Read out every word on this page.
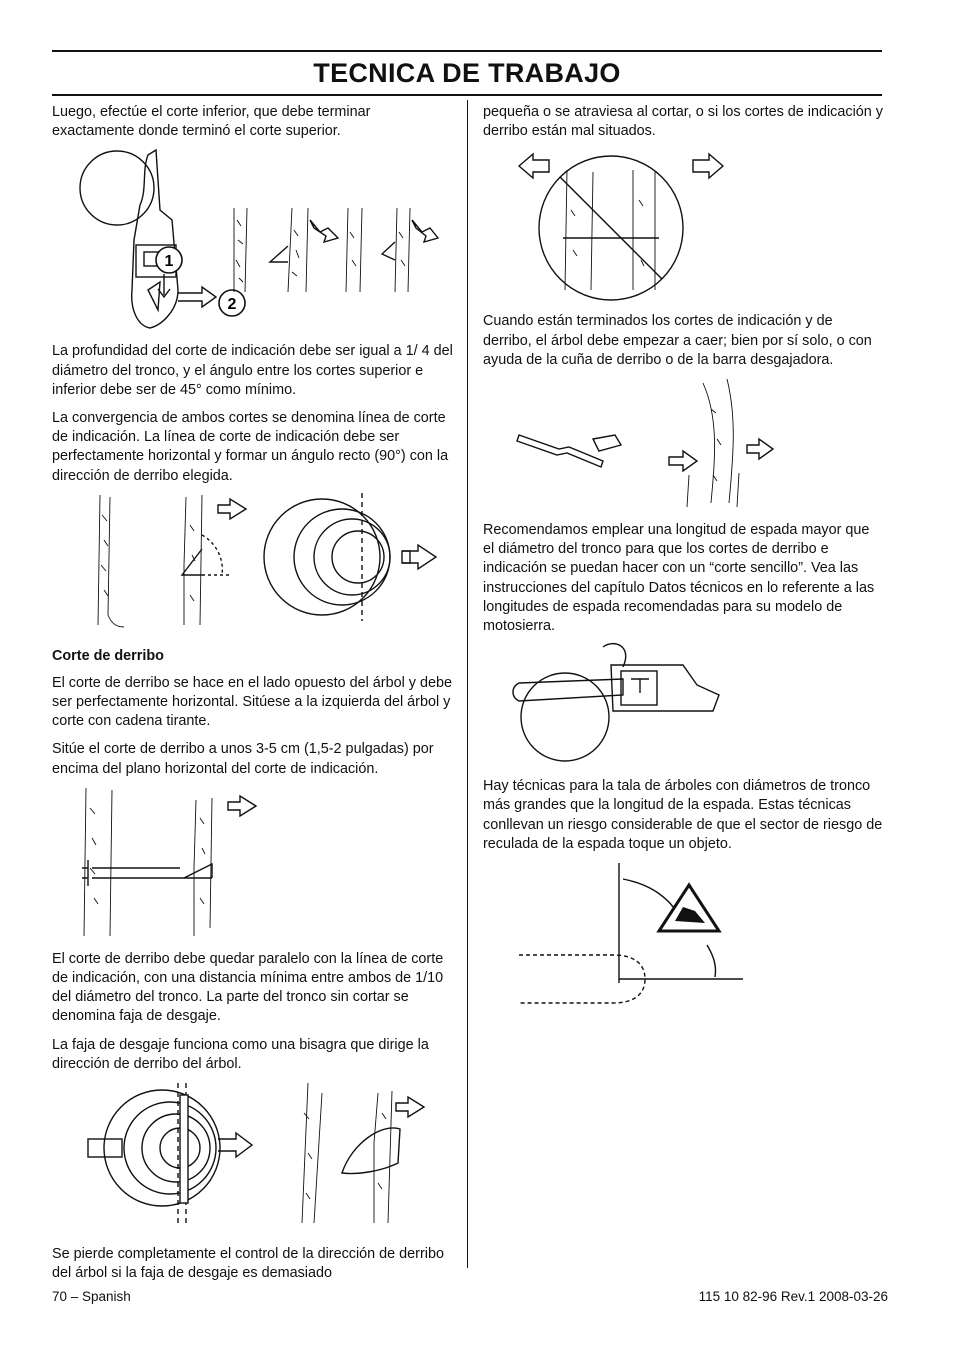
TECNICA DE TRABAJO

Luego, efectúe el corte inferior, que debe terminar exactamente donde terminó el corte superior.

1
2

La profundidad del corte de indicación debe ser igual a 1/ 4 del diámetro del tronco, y el ángulo entre los cortes superior e inferior debe ser de 45° como mínimo.

La convergencia de ambos cortes se denomina línea de corte de indicación. La línea de corte de indicación debe ser perfectamente horizontal y formar un ángulo recto (90°) con la dirección de derribo elegida.

Corte de derribo

El corte de derribo se hace en el lado opuesto del árbol y debe ser perfectamente horizontal. Sitúese a la izquierda del árbol y corte con cadena tirante.

Sitúe el corte de derribo a unos 3-5 cm (1,5-2 pulgadas) por encima del plano horizontal del corte de indicación.

El corte de derribo debe quedar paralelo con la línea de corte de indicación, con una distancia mínima entre ambos de 1/10 del diámetro del tronco. La parte del tronco sin cortar se denomina faja de desgaje.

La faja de desgaje funciona como una bisagra que dirige la dirección de derribo del árbol.

Se pierde completamente el control de la dirección de derribo del árbol si la faja de desgaje es demasiado

pequeña o se atraviesa al cortar, o si los cortes de indicación y derribo están mal situados.

Cuando están terminados los cortes de indicación y de derribo, el árbol debe empezar a caer; bien por sí solo, o con ayuda de la cuña de derribo o de la barra desgajadora.

Recomendamos emplear una longitud de espada mayor que el diámetro del tronco para que los cortes de derribo e indicación se puedan hacer con un “corte sencillo”. Vea las instrucciones del capítulo Datos técnicos en lo referente a las longitudes de espada recomendadas para su modelo de motosierra.

Hay técnicas para la tala de árboles con diámetros de tronco más grandes que la longitud de la espada. Estas técnicas conllevan un riesgo considerable de que el sector de riesgo de reculada de la espada toque un objeto.

70 – Spanish	115 10 82-96 Rev.1 2008-03-26
